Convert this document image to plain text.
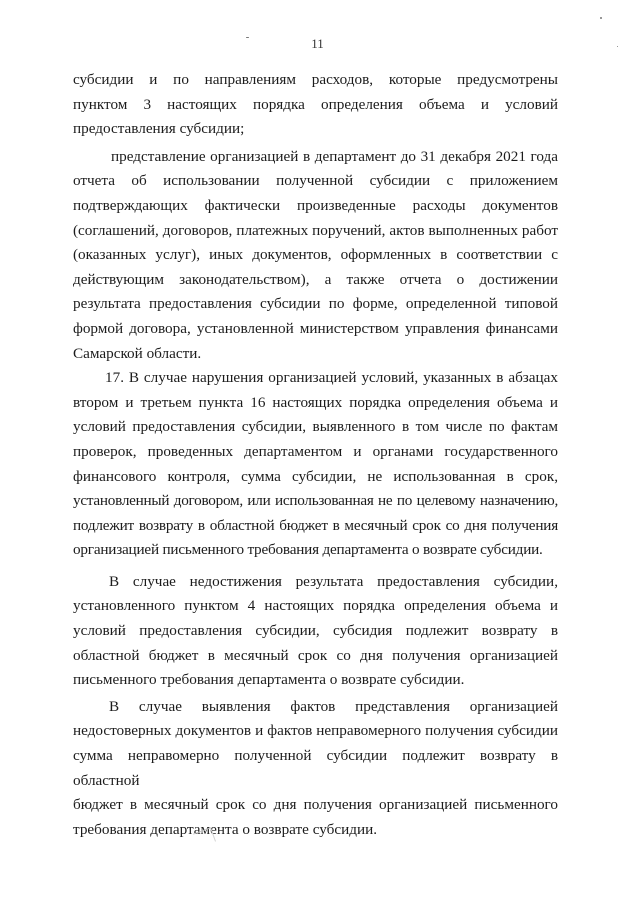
11

субсидии и по направлениям расходов, которые предусмотрены
пунктом 3 настоящих порядка определения объема и условий
предоставления субсидии;

представление организацией в департамент до 31 декабря 2021 года
отчета об использовании полученной субсидии с приложением
подтверждающих фактически произведенные расходы документов
(соглашений, договоров, платежных поручений, актов выполненных работ
(оказанных услуг), иных документов, оформленных в соответствии с
действующим законодательством), а также отчета о достижении
результата предоставления субсидии по форме, определенной типовой
формой договора, установленной министерством управления финансами
Самарской области.

17. В случае нарушения организацией условий, указанных в абзацах
втором и третьем пункта 16 настоящих порядка определения объема и
условий предоставления субсидии, выявленного в том числе по фактам
проверок, проведенных департаментом и органами государственного
финансового контроля, сумма субсидии, не использованная в срок,
установленный договором, или использованная не по целевому назначению,
подлежит возврату в областной бюджет в месячный срок со дня получения
организацией письменного требования департамента о возврате субсидии.

В случае недостижения результата предоставления субсидии,
установленного пунктом 4 настоящих порядка определения объема и
условий предоставления субсидии, субсидия подлежит возврату в
областной бюджет в месячный срок со дня получения организацией
письменного требования департамента о возврате субсидии.

В случае выявления фактов представления организацией
недостоверных документов и фактов неправомерного получения субсидии
сумма неправомерно полученной субсидии подлежит возврату в областной
бюджет в месячный срок со дня получения организацией письменного
требования департамента о возврате субсидии.
